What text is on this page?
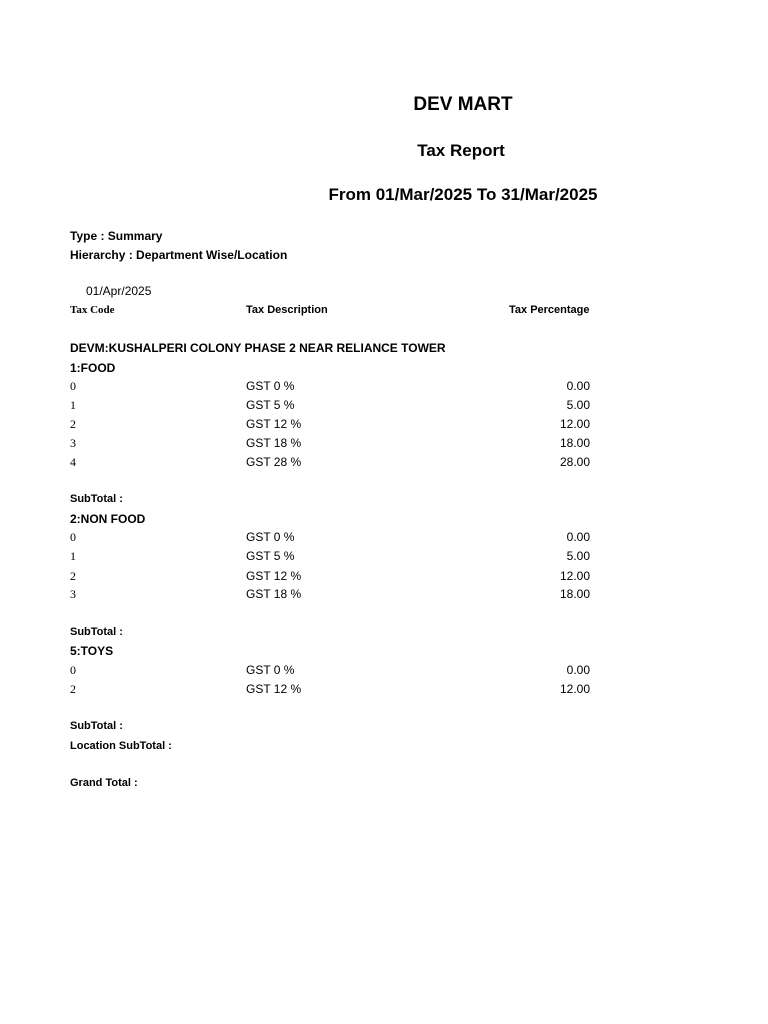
DEV MART
Tax Report
From 01/Mar/2025 To 31/Mar/2025
Type : Summary
Hierarchy : Department Wise/Location
01/Apr/2025
Tax Code	Tax Description	Tax Percentage
DEVM:KUSHALPERI COLONY PHASE 2 NEAR RELIANCE TOWER
1:FOOD
0	GST 0 %	0.00
1	GST 5 %	5.00
2	GST 12 %	12.00
3	GST 18 %	18.00
4	GST 28 %	28.00
SubTotal :
2:NON FOOD
0	GST 0 %	0.00
1	GST 5 %	5.00
2	GST 12 %	12.00
3	GST 18 %	18.00
SubTotal :
5:TOYS
0	GST 0 %	0.00
2	GST 12 %	12.00
SubTotal :
Location SubTotal :
Grand Total :
